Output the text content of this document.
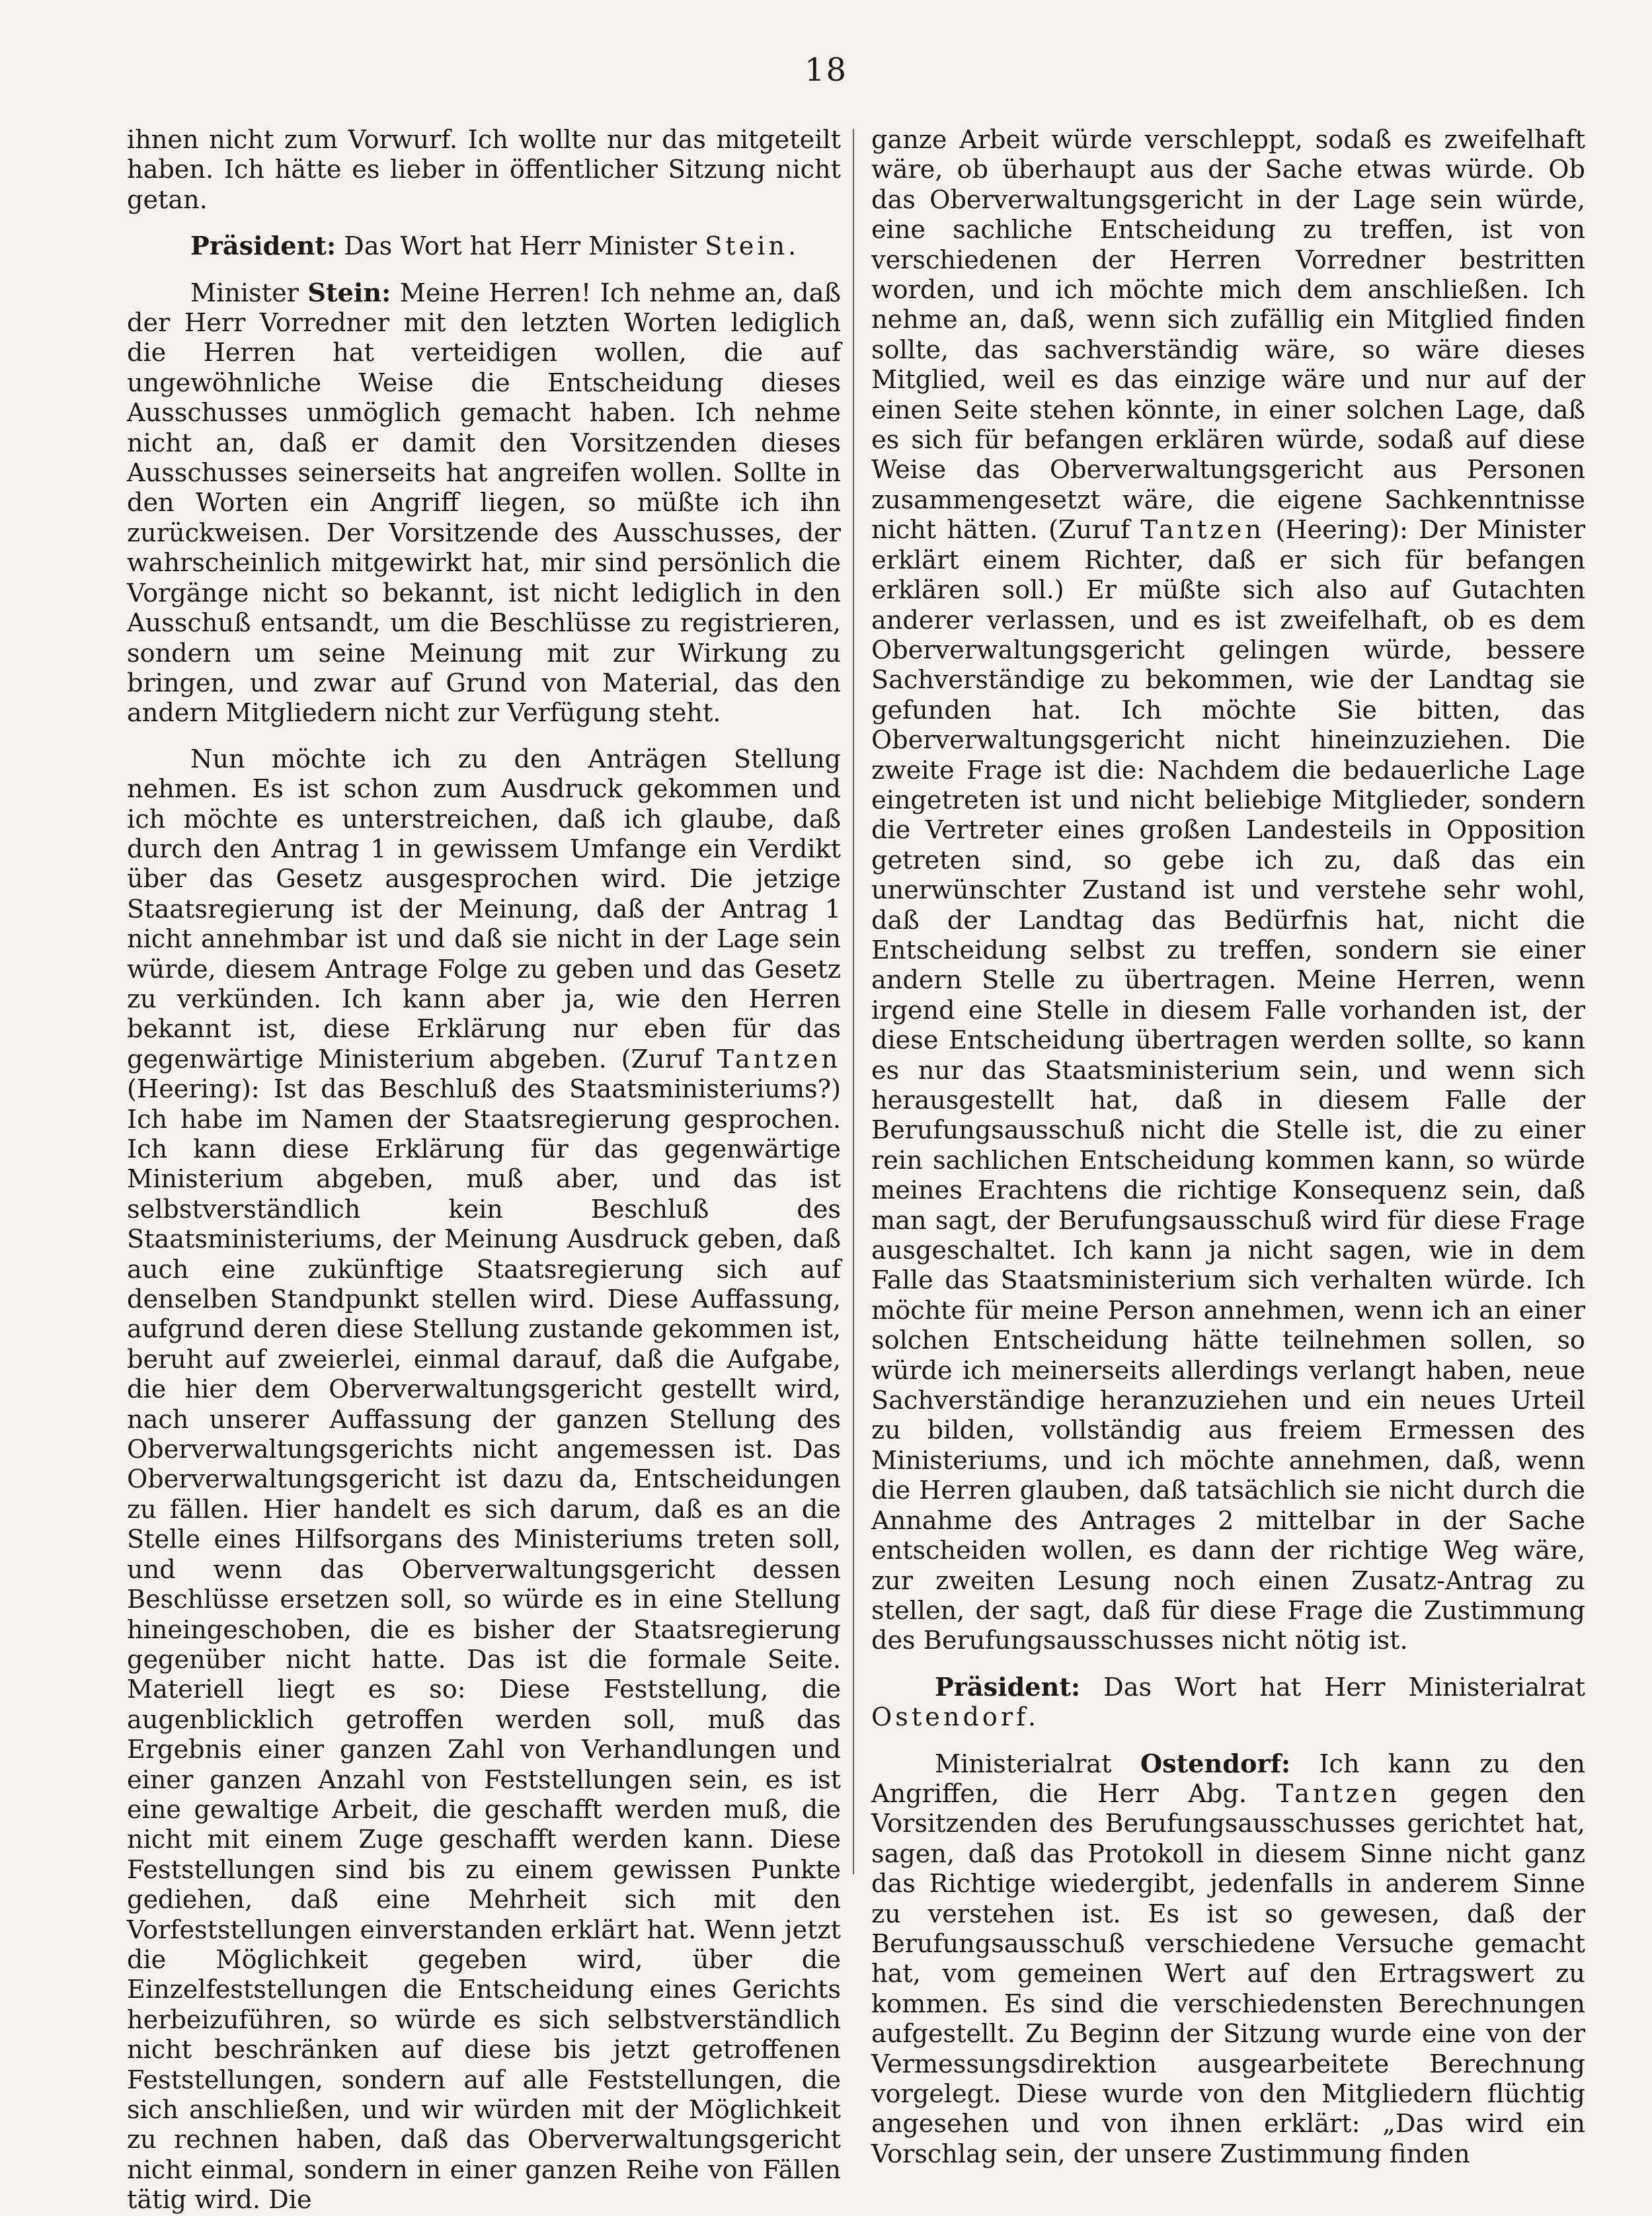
18

ihnen nicht zum Vorwurf. Ich wollte nur das mitgeteilt haben. Ich hätte es lieber in öffentlicher Sitzung nicht getan.

Präsident: Das Wort hat Herr Minister Stein.

Minister Stein: Meine Herren! Ich nehme an, daß der Herr Vorredner mit den letzten Worten lediglich die Herren hat verteidigen wollen, die auf ungewöhnliche Weise die Entscheidung dieses Ausschusses unmöglich gemacht haben. Ich nehme nicht an, daß er damit den Vorsitzenden dieses Ausschusses seinerseits hat angreifen wollen. Sollte in den Worten ein Angriff liegen, so müßte ich ihn zurückweisen. Der Vorsitzende des Ausschusses, der wahrscheinlich mitgewirkt hat, mir sind persönlich die Vorgänge nicht so bekannt, ist nicht lediglich in den Ausschuß entsandt, um die Beschlüsse zu registrieren, sondern um seine Meinung mit zur Wirkung zu bringen, und zwar auf Grund von Material, das den andern Mitgliedern nicht zur Verfügung steht.

Nun möchte ich zu den Anträgen Stellung nehmen. Es ist schon zum Ausdruck gekommen und ich möchte es unterstreichen, daß ich glaube, daß durch den Antrag 1 in gewissem Umfange ein Verdikt über das Gesetz ausgesprochen wird. Die jetzige Staatsregierung ist der Meinung, daß der Antrag 1 nicht annehmbar ist und daß sie nicht in der Lage sein würde, diesem Antrage Folge zu geben und das Gesetz zu verkünden. Ich kann aber ja, wie den Herren bekannt ist, diese Erklärung nur eben für das gegenwärtige Ministerium abgeben. (Zuruf Tantzen (Heering): Ist das Beschluß des Staatsministeriums?) Ich habe im Namen der Staatsregierung gesprochen. Ich kann diese Erklärung für das gegenwärtige Ministerium abgeben, muß aber, und das ist selbstverständlich kein Beschluß des Staatsministeriums, der Meinung Ausdruck geben, daß auch eine zukünftige Staatsregierung sich auf denselben Standpunkt stellen wird. Diese Auffassung, aufgrund deren diese Stellung zustande gekommen ist, beruht auf zweierlei, einmal darauf, daß die Aufgabe, die hier dem Oberverwaltungsgericht gestellt wird, nach unserer Auffassung der ganzen Stellung des Oberverwaltungsgerichts nicht angemessen ist. Das Oberverwaltungsgericht ist dazu da, Entscheidungen zu fällen. Hier handelt es sich darum, daß es an die Stelle eines Hilfsorgans des Ministeriums treten soll, und wenn das Oberverwaltungsgericht dessen Beschlüsse ersetzen soll, so würde es in eine Stellung hineingeschoben, die es bisher der Staatsregierung gegenüber nicht hatte. Das ist die formale Seite. Materiell liegt es so: Diese Feststellung, die augenblicklich getroffen werden soll, muß das Ergebnis einer ganzen Zahl von Verhandlungen und einer ganzen Anzahl von Feststellungen sein, es ist eine gewaltige Arbeit, die geschafft werden muß, die nicht mit einem Zuge geschafft werden kann. Diese Feststellungen sind bis zu einem gewissen Punkte gediehen, daß eine Mehrheit sich mit den Vorfeststellungen einverstanden erklärt hat. Wenn jetzt die Möglichkeit gegeben wird, über die Einzelfeststellungen die Entscheidung eines Gerichts herbeizuführen, so würde es sich selbstverständlich nicht beschränken auf diese bis jetzt getroffenen Feststellungen, sondern auf alle Feststellungen, die sich anschließen, und wir würden mit der Möglichkeit zu rechnen haben, daß das Oberverwaltungsgericht nicht einmal, sondern in einer ganzen Reihe von Fällen tätig wird. Die

ganze Arbeit würde verschleppt, sodaß es zweifelhaft wäre, ob überhaupt aus der Sache etwas würde. Ob das Oberverwaltungsgericht in der Lage sein würde, eine sachliche Entscheidung zu treffen, ist von verschiedenen der Herren Vorredner bestritten worden, und ich möchte mich dem anschließen. Ich nehme an, daß, wenn sich zufällig ein Mitglied finden sollte, das sachverständig wäre, so wäre dieses Mitglied, weil es das einzige wäre und nur auf der einen Seite stehen könnte, in einer solchen Lage, daß es sich für befangen erklären würde, sodaß auf diese Weise das Oberverwaltungsgericht aus Personen zusammengesetzt wäre, die eigene Sachkenntnisse nicht hätten. (Zuruf Tantzen (Heering): Der Minister erklärt einem Richter, daß er sich für befangen erklären soll.) Er müßte sich also auf Gutachten anderer verlassen, und es ist zweifelhaft, ob es dem Oberverwaltungsgericht gelingen würde, bessere Sachverständige zu bekommen, wie der Landtag sie gefunden hat. Ich möchte Sie bitten, das Oberverwaltungsgericht nicht hineinzuziehen. Die zweite Frage ist die: Nachdem die bedauerliche Lage eingetreten ist und nicht beliebige Mitglieder, sondern die Vertreter eines großen Landesteils in Opposition getreten sind, so gebe ich zu, daß das ein unerwünschter Zustand ist und verstehe sehr wohl, daß der Landtag das Bedürfnis hat, nicht die Entscheidung selbst zu treffen, sondern sie einer andern Stelle zu übertragen. Meine Herren, wenn irgend eine Stelle in diesem Falle vorhanden ist, der diese Entscheidung übertragen werden sollte, so kann es nur das Staatsministerium sein, und wenn sich herausgestellt hat, daß in diesem Falle der Berufungsausschuß nicht die Stelle ist, die zu einer rein sachlichen Entscheidung kommen kann, so würde meines Erachtens die richtige Konsequenz sein, daß man sagt, der Berufungsausschuß wird für diese Frage ausgeschaltet. Ich kann ja nicht sagen, wie in dem Falle das Staatsministerium sich verhalten würde. Ich möchte für meine Person annehmen, wenn ich an einer solchen Entscheidung hätte teilnehmen sollen, so würde ich meinerseits allerdings verlangt haben, neue Sachverständige heranzuziehen und ein neues Urteil zu bilden, vollständig aus freiem Ermessen des Ministeriums, und ich möchte annehmen, daß, wenn die Herren glauben, daß tatsächlich sie nicht durch die Annahme des Antrages 2 mittelbar in der Sache entscheiden wollen, es dann der richtige Weg wäre, zur zweiten Lesung noch einen Zusatz-Antrag zu stellen, der sagt, daß für diese Frage die Zustimmung des Berufungsausschusses nicht nötig ist.

Präsident: Das Wort hat Herr Ministerialrat Ostendorf.

Ministerialrat Ostendorf: Ich kann zu den Angriffen, die Herr Abg. Tantzen gegen den Vorsitzenden des Berufungsausschusses gerichtet hat, sagen, daß das Protokoll in diesem Sinne nicht ganz das Richtige wiedergibt, jedenfalls in anderem Sinne zu verstehen ist. Es ist so gewesen, daß der Berufungsausschuß verschiedene Versuche gemacht hat, vom gemeinen Wert auf den Ertragswert zu kommen. Es sind die verschiedensten Berechnungen aufgestellt. Zu Beginn der Sitzung wurde eine von der Vermessungsdirektion ausgearbeitete Berechnung vorgelegt. Diese wurde von den Mitgliedern flüchtig angesehen und von ihnen erklärt: „Das wird ein Vorschlag sein, der unsere Zustimmung finden
